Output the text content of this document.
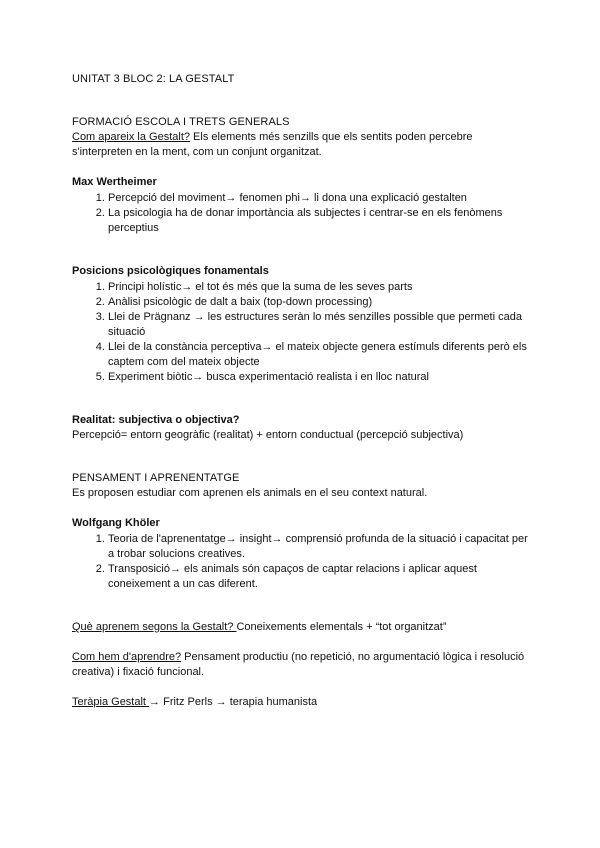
UNITAT 3 BLOC 2: LA GESTALT

FORMACIÓ ESCOLA I TRETS GENERALS

Com apareix la Gestalt? Els elements més senzills que els sentits poden percebre s'interpreten en la ment, com un conjunt organitzat.

Max Wertheimer

1. Percepció del moviment→ fenomen phi→ li dona una explicació gestalten
2. La psicologia ha de donar importància als subjectes i centrar-se en els fenòmens perceptius

Posicions psicològiques fonamentals

1. Principi holístic→ el tot és més que la suma de les seves parts
2. Anàlisi psicològic de dalt a baix (top-down processing)
3. Llei de Prägnanz → les estructures seràn lo més senzilles possible que permeti cada situació
4. Llei de la constància perceptiva→ el mateix objecte genera estímuls diferents però els captem com del mateix objecte
5. Experiment biòtic→ busca experimentació realista i en lloc natural

Realitat: subjectiva o objectiva?

Percepció= entorn geogràfic (realitat) + entorn conductual (percepció subjectiva)

PENSAMENT I APRENENTATGE

Es proposen estudiar com aprenen els animals en el seu context natural.

Wolfgang Khöler

1. Teoria de l'aprenentatge→ insight→ comprensió profunda de la situació i capacitat per a trobar solucions creatives.
2. Transposició→ els animals són capaços de captar relacions i aplicar aquest coneixement a un cas diferent.

Què aprenem segons la Gestalt? Coneixements elementals + “tot organitzat”

Com hem d'aprendre? Pensament productiu (no repetició, no argumentació lògica i resolució creativa) i fixació funcional.

Teràpia Gestalt → Fritz Perls → terapia humanista
